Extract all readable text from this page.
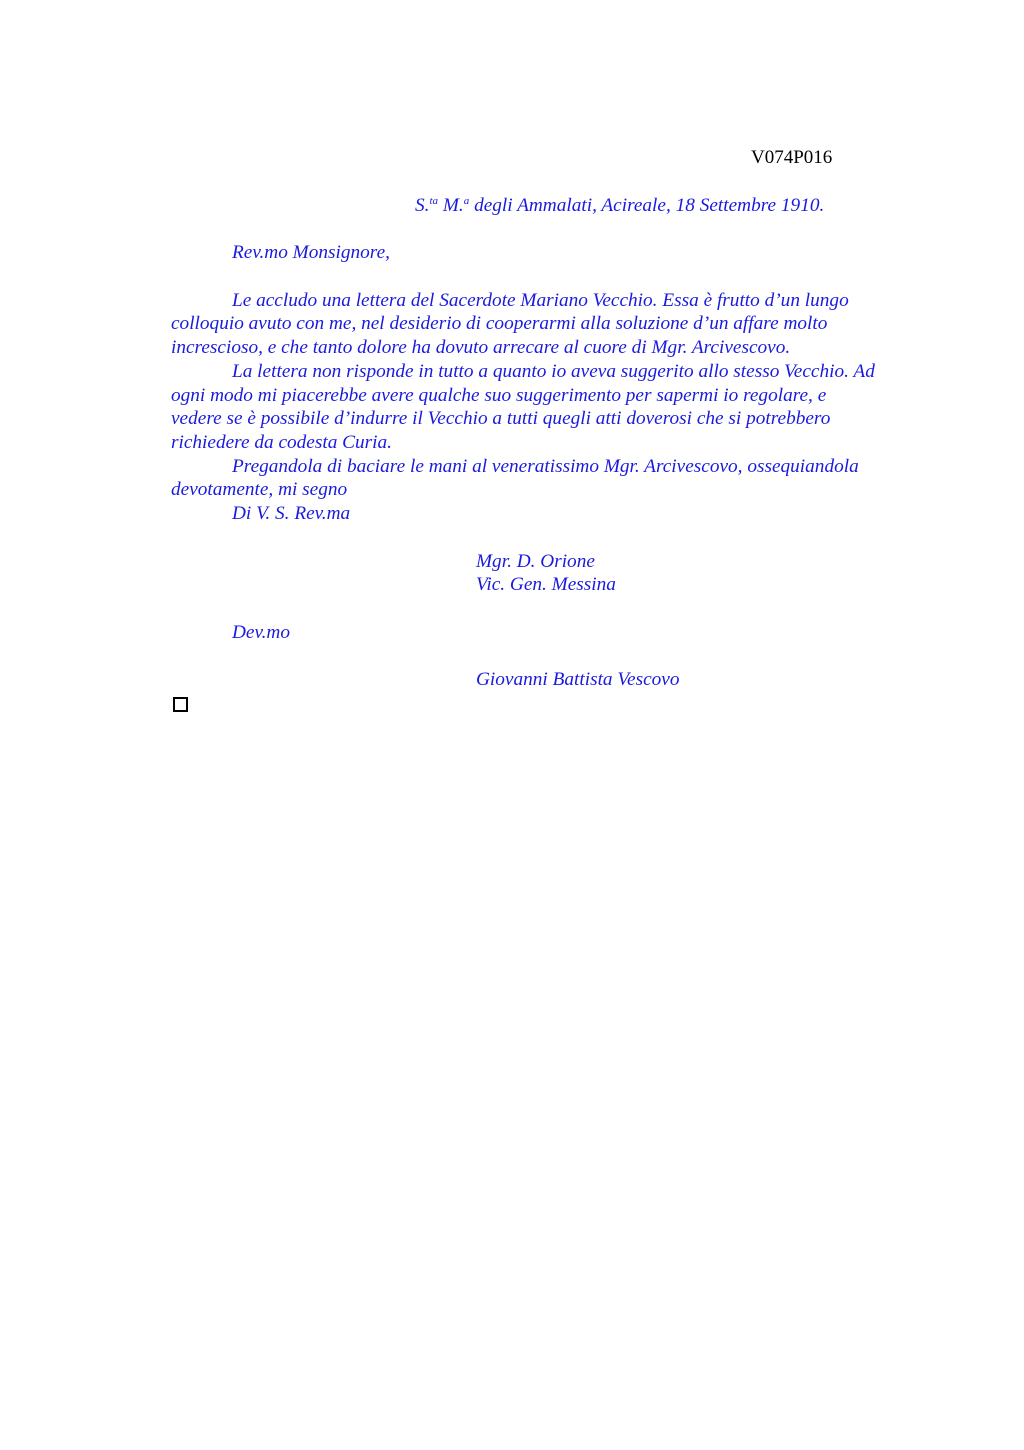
V074P016
S.$^{ta}$ M.$^a$ degli Ammalati, Acireale, 18 Settembre 1910.
Rev.mo Monsignore,
Le accludo una lettera del Sacerdote Mariano Vecchio. Essa è frutto d’un lungo
colloquio avuto con me, nel desiderio di cooperarmi alla soluzione d’un affare molto
increscioso, e che tanto dolore ha dovuto arrecare al cuore di Mgr. Arcivescovo.
La lettera non risponde in tutto a quanto io aveva suggerito allo stesso Vecchio. Ad
ogni modo mi piacerebbe avere qualche suo suggerimento per sapermi io regolare, e
vedere se è possibile d’indurre il Vecchio a tutti quegli atti doverosi che si potrebbero
richiedere da codesta Curia.
Pregandola di baciare le mani al veneratissimo Mgr. Arcivescovo, ossequiandola
devotamente, mi segno
Di V. S. Rev.ma
Mgr. D. Orione
Vic. Gen. Messina
Dev.mo
Giovanni Battista Vescovo
